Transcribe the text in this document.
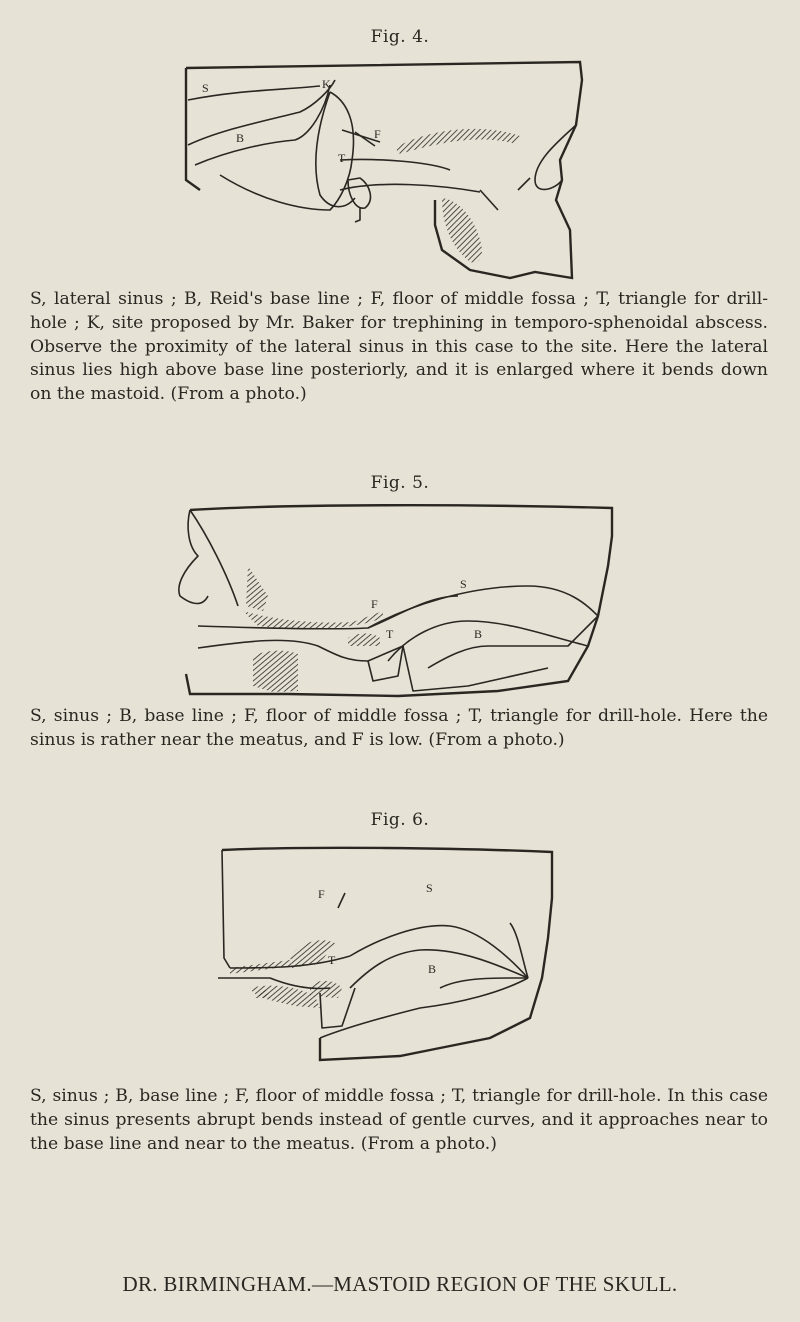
Fig. 4.
S	K
B	F
T
S, lateral sinus ; B, Reid's base line ; F, floor of middle fossa ; T, triangle for drill-hole ; K, site proposed by Mr. Baker for trephining in temporo-sphenoidal abscess. Observe the proximity of the lateral sinus in this case to the site. Here the lateral sinus lies high above base line posteriorly, and it is enlarged where it bends down on the mastoid. (From a photo.)
Fig. 5.
S
F
T	B
S, sinus ; B, base line ; F, floor of middle fossa ; T, triangle for drill-hole. Here the sinus is rather near the meatus, and F is low. (From a photo.)
Fig. 6.
F	S
T
B
S, sinus ; B, base line ; F, floor of middle fossa ; T, triangle for drill-hole. In this case the sinus presents abrupt bends instead of gentle curves, and it approaches near to the base line and near to the meatus. (From a photo.)
DR. BIRMINGHAM.—MASTOID REGION OF THE SKULL.
